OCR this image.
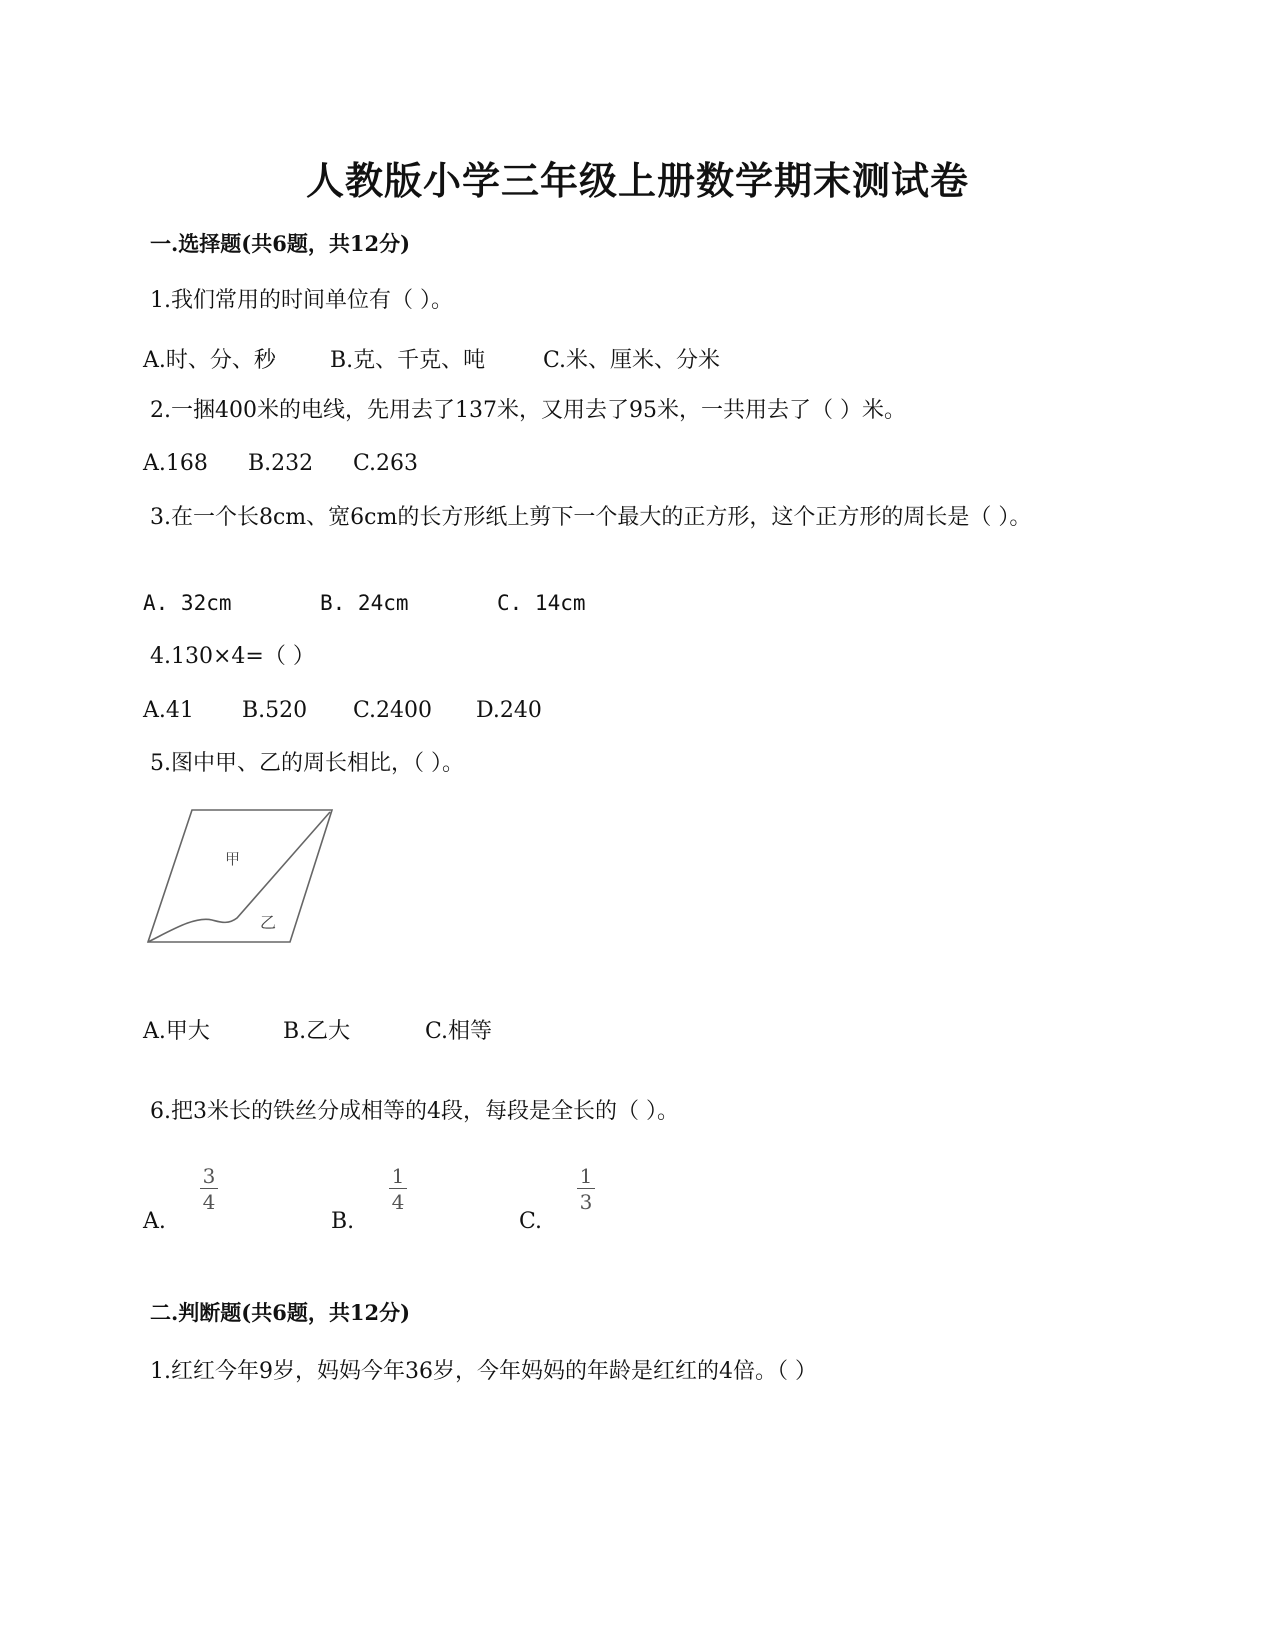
人教版小学三年级上册数学期末测试卷
一.选择题(共6题，共12分)
1.我们常用的时间单位有（ ）。
A.时、分、秒 B.克、千克、吨	C.米、厘米、分米
2.一捆400米的电线，先用去了137米，又用去了95米，一共用去了（ ）米。
A.168 B.232 C.263
3.在一个长8cm、宽6cm的长方形纸上剪下一个最大的正方形，这个正方形的周长是（ ）。
A. 32cm	B. 24cm	C. 14cm
4.130×4=（ ）
A.41 B.520 C.2400 D.240
5.图中甲、乙的周长相比，（ ）。
甲
乙
A.甲大	B.乙大	C.相等
6.把3米长的铁丝分成相等的4段，每段是全长的（ ）。
A.
3
4
B.
1
4
C.
1
3
二.判断题(共6题，共12分)
1.红红今年9岁，妈妈今年36岁，今年妈妈的年龄是红红的4倍。（ ）
